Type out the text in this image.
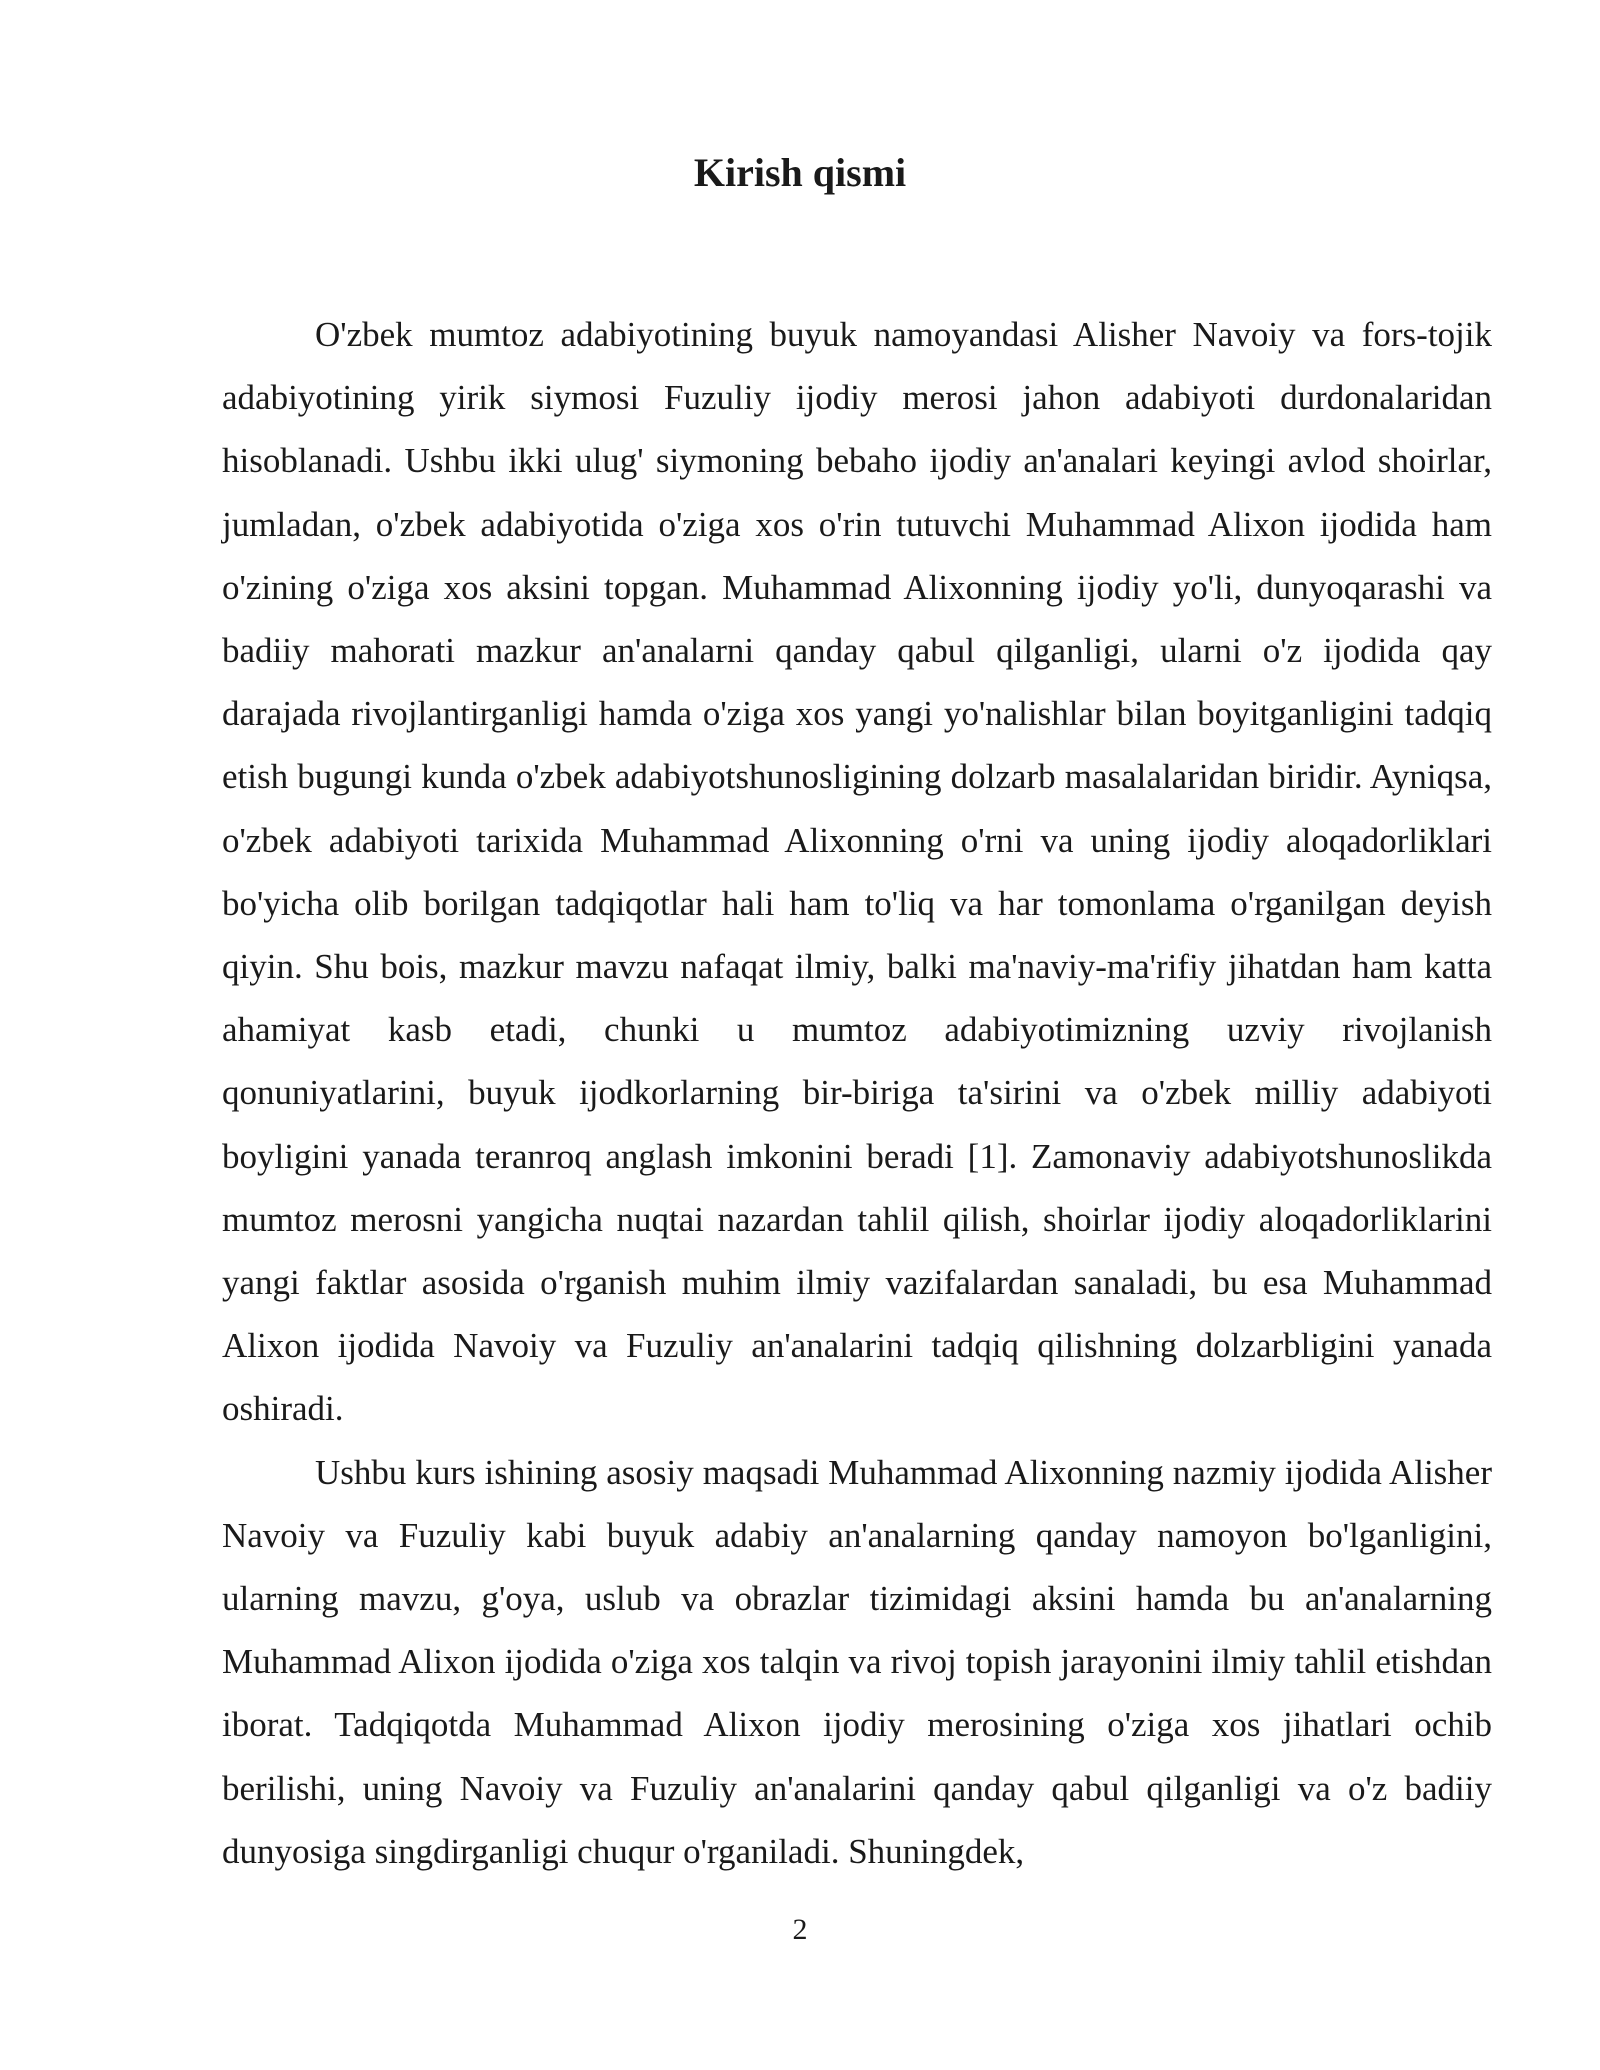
Kirish qismi

O'zbek mumtoz adabiyotining buyuk namoyandasi Alisher Navoiy va fors-tojik adabiyotining yirik siymosi Fuzuliy ijodiy merosi jahon adabiyoti durdonalaridan hisoblanadi. Ushbu ikki ulug' siymoning bebaho ijodiy an'analari keyingi avlod shoirlar, jumladan, o'zbek adabiyotida o'ziga xos o'rin tutuvchi Muhammad Alixon ijodida ham o'zining o'ziga xos aksini topgan. Muhammad Alixonning ijodiy yo'li, dunyoqarashi va badiiy mahorati mazkur an'analarni qanday qabul qilganligi, ularni o'z ijodida qay darajada rivojlantirganligi hamda o'ziga xos yangi yo'nalishlar bilan boyitganligini tadqiq etish bugungi kunda o'zbek adabiyotshunosligining dolzarb masalalaridan biridir. Ayniqsa, o'zbek adabiyoti tarixida Muhammad Alixonning o'rni va uning ijodiy aloqadorliklari bo'yicha olib borilgan tadqiqotlar hali ham to'liq va har tomonlama o'rganilgan deyish qiyin. Shu bois, mazkur mavzu nafaqat ilmiy, balki ma'naviy-ma'rifiy jihatdan ham katta ahamiyat kasb etadi, chunki u mumtoz adabiyotimizning uzviy rivojlanish qonuniyatlarini, buyuk ijodkorlarning bir-biriga ta'sirini va o'zbek milliy adabiyoti boyligini yanada teranroq anglash imkonini beradi [1]. Zamonaviy adabiyotshunoslikda mumtoz merosni yangicha nuqtai nazardan tahlil qilish, shoirlar ijodiy aloqadorliklarini yangi faktlar asosida o'rganish muhim ilmiy vazifalardan sanaladi, bu esa Muhammad Alixon ijodida Navoiy va Fuzuliy an'analarini tadqiq qilishning dolzarbligini yanada oshiradi.

Ushbu kurs ishining asosiy maqsadi Muhammad Alixonning nazmiy ijodida Alisher Navoiy va Fuzuliy kabi buyuk adabiy an'analarning qanday namoyon bo'lganligini, ularning mavzu, g'oya, uslub va obrazlar tizimidagi aksini hamda bu an'analarning Muhammad Alixon ijodida o'ziga xos talqin va rivoj topish jarayonini ilmiy tahlil etishdan iborat. Tadqiqotda Muhammad Alixon ijodiy merosining o'ziga xos jihatlari ochib berilishi, uning Navoiy va Fuzuliy an'analarini qanday qabul qilganligi va o'z badiiy dunyosiga singdirganligi chuqur o'rganiladi. Shuningdek,

2
